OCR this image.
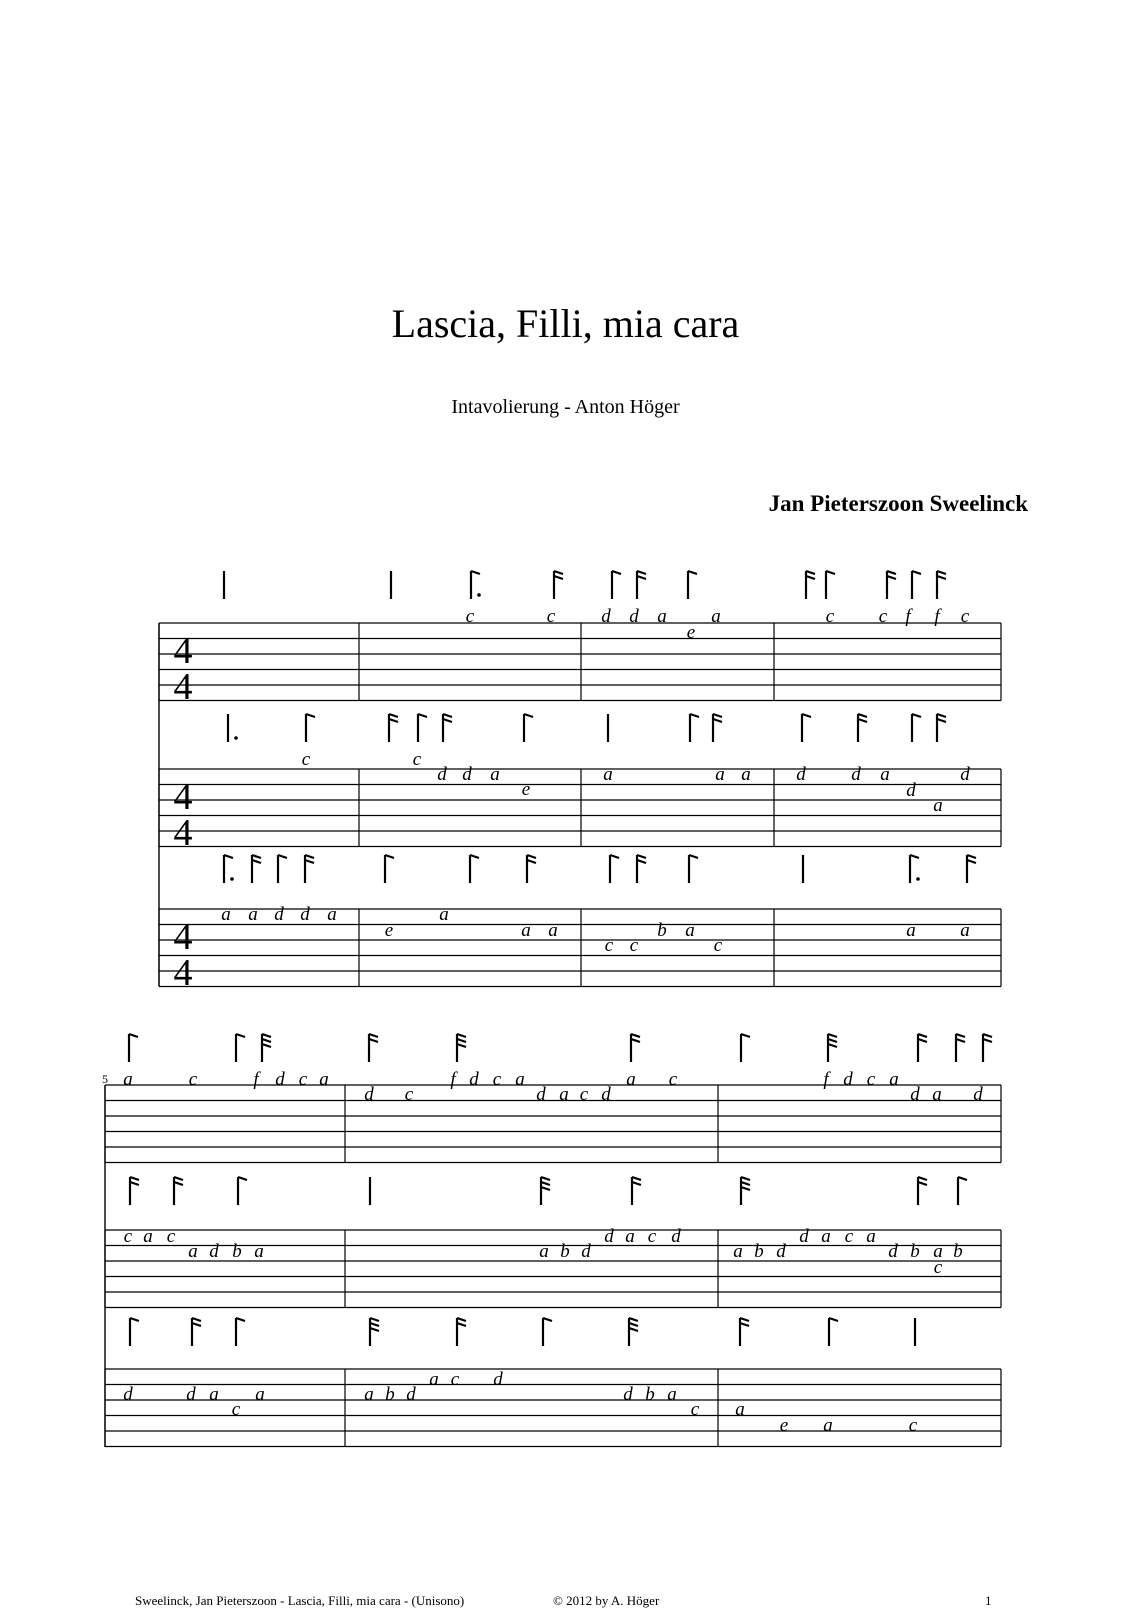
Lascia, Filli, mia cara
Intavolierung - Anton Höger
Jan Pieterszoon Sweelinck
4
4
4
4
4
4
c	c d d a
e
a	c c f f c
c	c
d d a
e
a	a a d d a
d
d
a
a a d d a
e
a
a a
c c
b a
c
a a
a	c	f d c a
d c
f d c a
d a c d
a c	f d c a
d a d
c a c
a d b a	a b d
d a c d
a b d
d a c a
d b a
c
b
d	d a
c
a	a b d
a c d
d b a
c a
e a	c
5
Sweelinck, Jan Pieterszoon - Lascia, Filli, mia cara - (Unisono)	© 2012 by A. Höger	1
